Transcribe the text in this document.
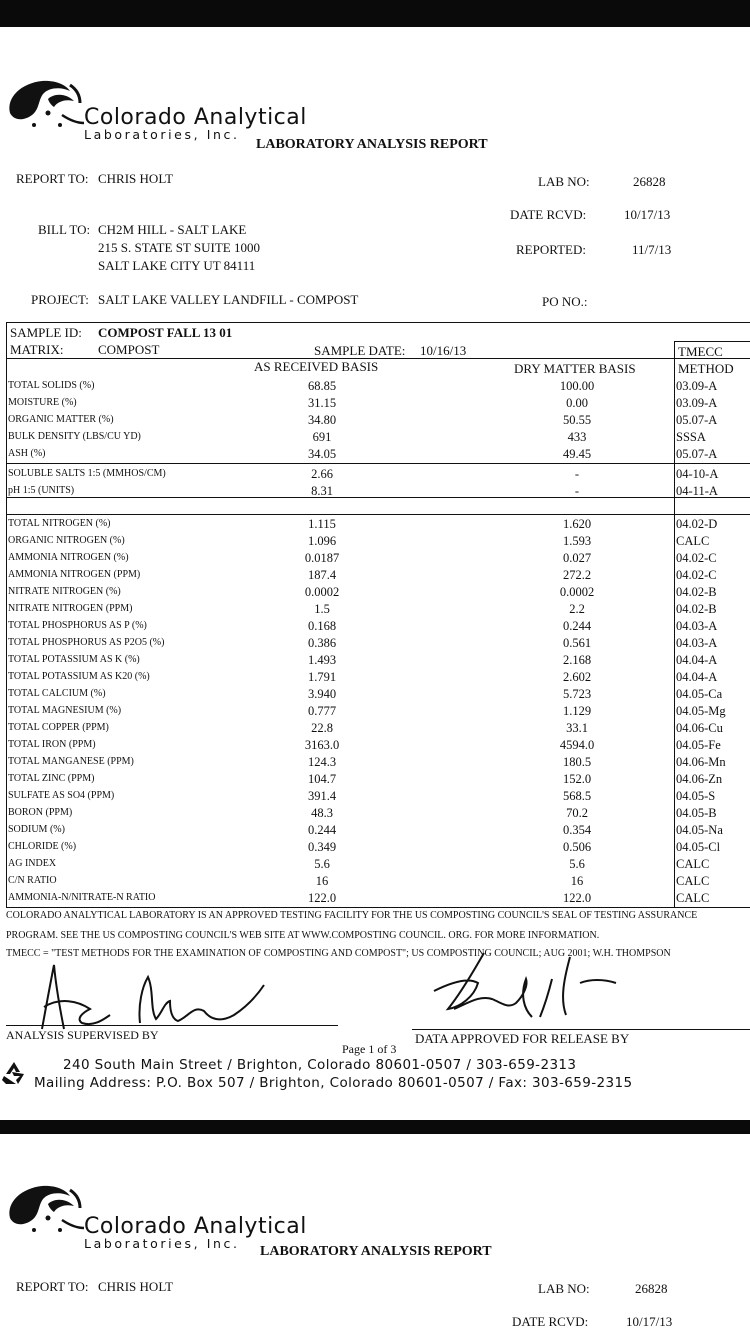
Colorado Analytical
Laboratories, Inc.
LABORATORY ANALYSIS REPORT
REPORT TO: CHRIS HOLT	LAB NO:	26828
DATE RCVD:	10/17/13
BILL TO: CH2M HILL - SALT LAKE
215 S. STATE ST SUITE 1000
SALT LAKE CITY UT 84111
REPORTED:	11/7/13
PROJECT: SALT LAKE VALLEY LANDFILL - COMPOST	PO NO.:
SAMPLE ID: COMPOST FALL 13 01
MATRIX:	COMPOST	SAMPLE DATE: 10/16/13	TMECC
AS RECEIVED BASIS	DRY MATTER BASIS	METHOD
TOTAL SOLIDS (%)	68.85	100.00	03.09-A
MOISTURE (%)	31.15	0.00	03.09-A
ORGANIC MATTER (%)	34.80	50.55	05.07-A
BULK DENSITY (LBS/CU YD)	691	433	SSSA
ASH (%)	34.05	49.45	05.07-A
SOLUBLE SALTS 1:5 (MMHOS/CM)	2.66	-	04-10-A
pH 1:5 (UNITS)	8.31	-	04-11-A
TOTAL NITROGEN (%)	1.115	1.620	04.02-D
ORGANIC NITROGEN (%)	1.096	1.593	CALC
AMMONIA NITROGEN (%)	0.0187	0.027	04.02-C
AMMONIA NITROGEN (PPM)	187.4	272.2	04.02-C
NITRATE NITROGEN (%)	0.0002	0.0002	04.02-B
NITRATE NITROGEN (PPM)	1.5	2.2	04.02-B
TOTAL PHOSPHORUS AS P (%)	0.168	0.244	04.03-A
TOTAL PHOSPHORUS AS P2O5 (%)	0.386	0.561	04.03-A
TOTAL POTASSIUM AS K (%)	1.493	2.168	04.04-A
TOTAL POTASSIUM AS K20 (%)	1.791	2.602	04.04-A
TOTAL CALCIUM (%)	3.940	5.723	04.05-Ca
TOTAL MAGNESIUM (%)	0.777	1.129	04.05-Mg
TOTAL COPPER (PPM)	22.8	33.1	04.06-Cu
TOTAL IRON (PPM)	3163.0	4594.0	04.05-Fe
TOTAL MANGANESE (PPM)	124.3	180.5	04.06-Mn
TOTAL ZINC (PPM)	104.7	152.0	04.06-Zn
SULFATE AS SO4 (PPM)	391.4	568.5	04.05-S
BORON (PPM)	48.3	70.2	04.05-B
SODIUM (%)	0.244	0.354	04.05-Na
CHLORIDE (%)	0.349	0.506	04.05-Cl
AG INDEX	5.6	5.6	CALC
C/N RATIO	16	16	CALC
AMMONIA-N/NITRATE-N RATIO	122.0	122.0	CALC
COLORADO ANALYTICAL LABORATORY IS AN APPROVED TESTING FACILITY FOR THE US COMPOSTING COUNCIL'S SEAL OF TESTING ASSURANCE
PROGRAM. SEE THE US COMPOSTING COUNCIL'S WEB SITE AT WWW.COMPOSTING COUNCIL. ORG. FOR MORE INFORMATION.
TMECC = "TEST METHODS FOR THE EXAMINATION OF COMPOSTING AND COMPOST"; US COMPOSTING COUNCIL; AUG 2001; W.H. THOMPSON
ANALYSIS SUPERVISED BY	DATA APPROVED FOR RELEASE BY
Page 1 of 3
240 South Main Street / Brighton, Colorado 80601-0507 / 303-659-2313
Mailing Address: P.O. Box 507 / Brighton, Colorado 80601-0507 / Fax: 303-659-2315
Colorado Analytical
Laboratories, Inc.
LABORATORY ANALYSIS REPORT
REPORT TO: CHRIS HOLT	LAB NO:	26828
DATE RCVD:	10/17/13
